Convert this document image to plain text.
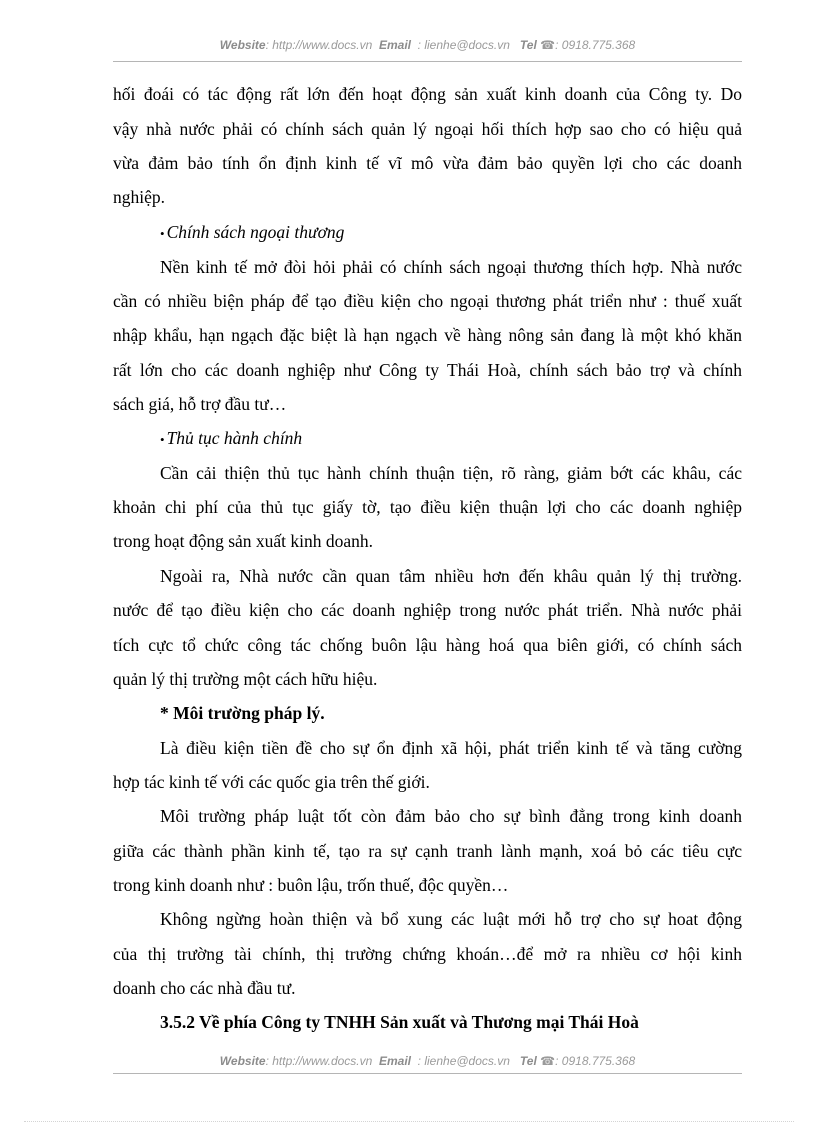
Website: http://www.docs.vn Email : lienhe@docs.vn Tel ☎: 0918.775.368
hối đoái có tác động rất lớn đến hoạt động sản xuất kinh doanh của Công ty. Do
vậy nhà nước phải có chính sách quản lý ngoại hối thích hợp sao cho có hiệu quả
vừa đảm bảo tính ổn định kinh tế vĩ mô vừa đảm bảo quyền lợi cho các doanh
nghiệp.
• Chính sách ngoại thương
Nền kinh tế mở đòi hỏi phải có chính sách ngoại thương thích hợp. Nhà nước
cần có nhiều biện pháp để tạo điều kiện cho ngoại thương phát triển như : thuế xuất
nhập khẩu, hạn ngạch đặc biệt là hạn ngạch về hàng nông sản đang là một khó khăn
rất lớn cho các doanh nghiệp như Công ty Thái Hoà, chính sách bảo trợ và chính
sách giá, hỗ trợ đầu tư…
• Thủ tục hành chính
Cần cải thiện thủ tục hành chính thuận tiện, rõ ràng, giảm bớt các khâu, các
khoản chi phí của thủ tục giấy tờ, tạo điều kiện thuận lợi cho các doanh nghiệp
trong hoạt động sản xuất kinh doanh.
Ngoài ra, Nhà nước cần quan tâm nhiều hơn đến khâu quản lý thị trường.
nước để tạo điều kiện cho các doanh nghiệp trong nước phát triển. Nhà nước phải
tích cực tổ chức công tác chống buôn lậu hàng hoá qua biên giới, có chính sách
quản lý thị trường một cách hữu hiệu.
* Môi trường pháp lý.
Là điều kiện tiền đề cho sự ổn định xã hội, phát triển kinh tế và tăng cường
hợp tác kinh tế với các quốc gia trên thế giới.
Môi trường pháp luật tốt còn đảm bảo cho sự bình đẳng trong kinh doanh
giữa các thành phần kinh tế, tạo ra sự cạnh tranh lành mạnh, xoá bỏ các tiêu cực
trong kinh doanh như : buôn lậu, trốn thuế, độc quyền…
Không ngừng hoàn thiện và bổ xung các luật mới hỗ trợ cho sự hoat động
của thị trường tài chính, thị trường chứng khoán…để mở ra nhiều cơ hội kinh
doanh cho các nhà đầu tư.
3.5.2 Về phía Công ty TNHH Sản xuất và Thương mại Thái Hoà
Website: http://www.docs.vn Email : lienhe@docs.vn Tel ☎: 0918.775.368
